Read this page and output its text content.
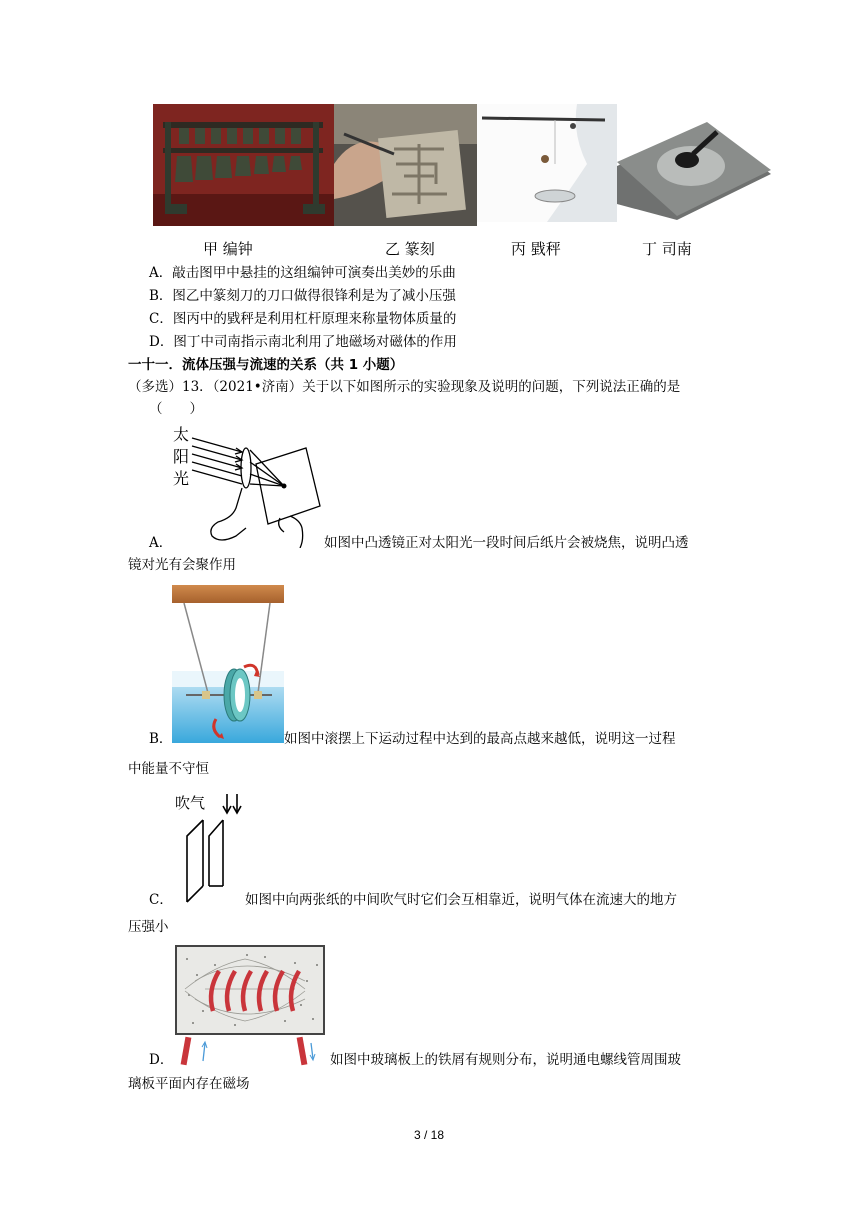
甲 编钟	乙 篆刻	丙 戥秤	丁 司南
A．敲击图甲中悬挂的这组编钟可演奏出美妙的乐曲
B．图乙中篆刻刀的刀口做得很锋利是为了减小压强
C．图丙中的戥秤是利用杠杆原理来称量物体质量的
D．图丁中司南指示南北利用了地磁场对磁体的作用
一十一．流体压强与流速的关系（共 1 小题）
（多选）13．（2021•济南）关于以下如图所示的实验现象及说明的问题，下列说法正确的是
（　　）
太
阳
光
A．	如图中凸透镜正对太阳光一段时间后纸片会被烧焦，说明凸透
镜对光有会聚作用
B．	如图中滚摆上下运动过程中达到的最高点越来越低，说明这一过程
中能量不守恒
吹气
C．	如图中向两张纸的中间吹气时它们会互相靠近，说明气体在流速大的地方
压强小
D．	如图中玻璃板上的铁屑有规则分布，说明通电螺线管周围玻
璃板平面内存在磁场
3 / 18
